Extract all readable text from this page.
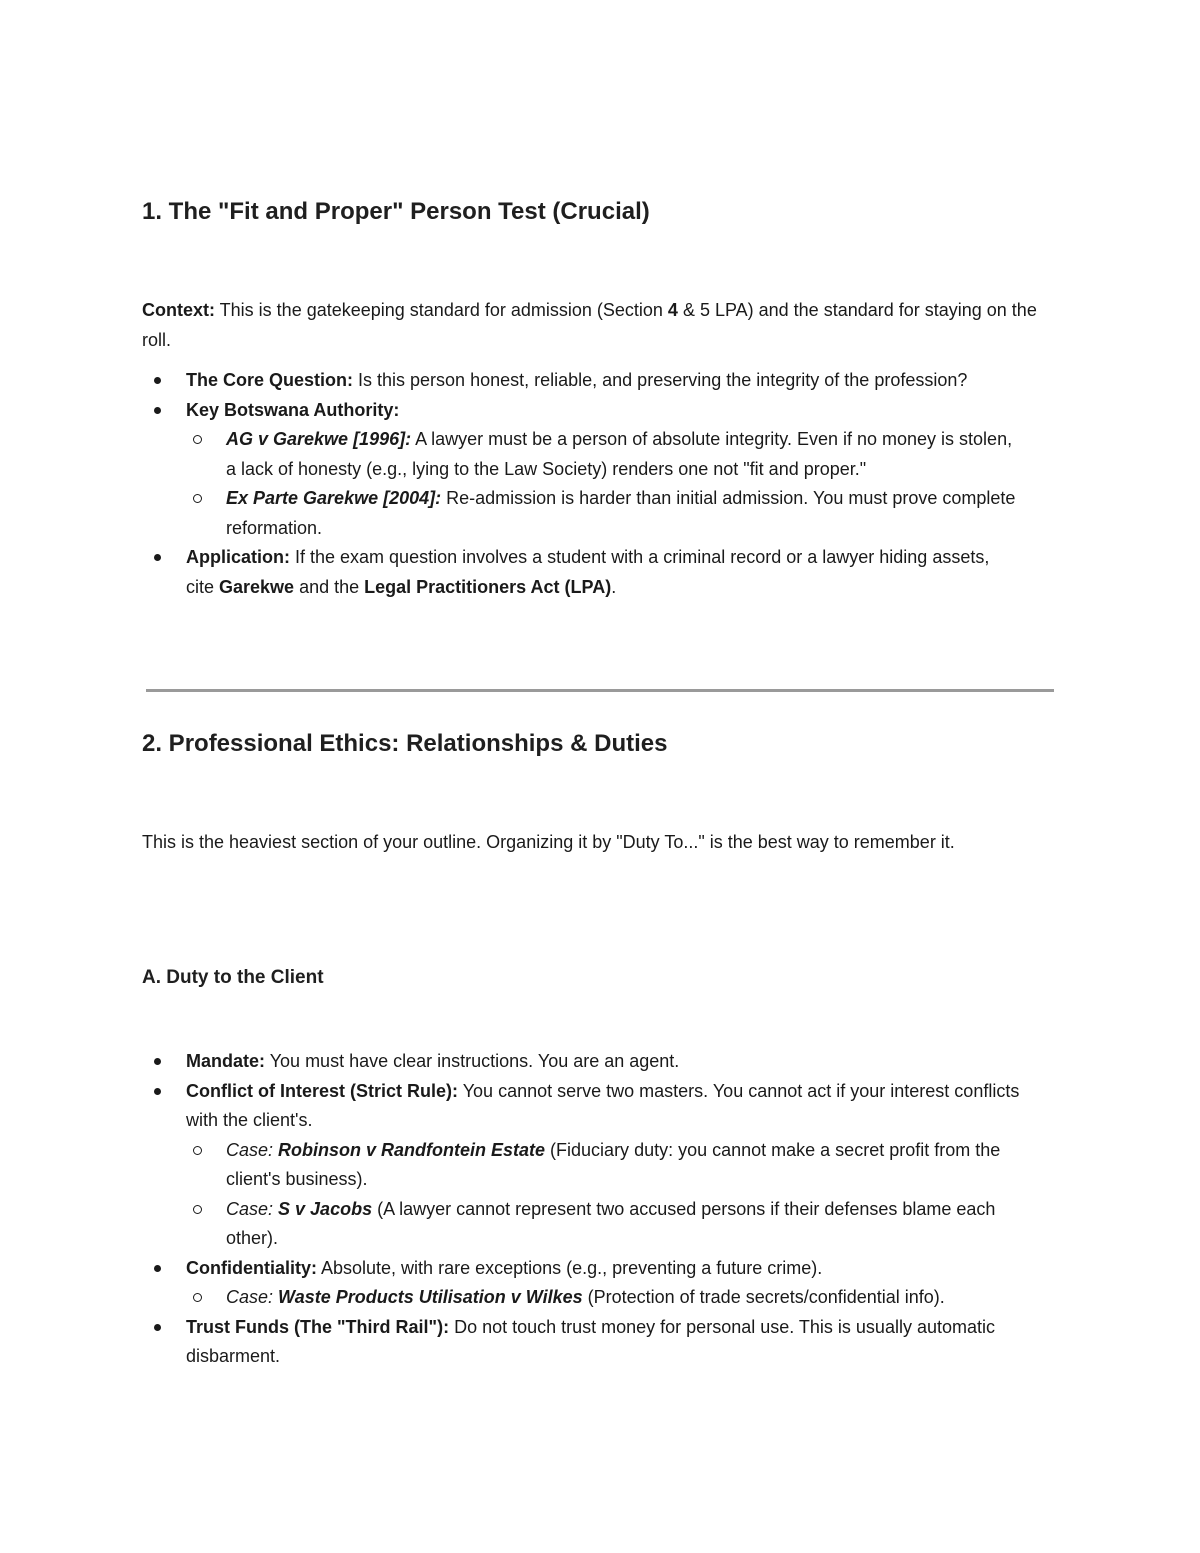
1. The "Fit and Proper" Person Test (Crucial)

Context: This is the gatekeeping standard for admission (Section 4 & 5 LPA) and the standard for staying on the roll.

The Core Question: Is this person honest, reliable, and preserving the integrity of the profession?
Key Botswana Authority:
AG v Garekwe [1996]: A lawyer must be a person of absolute integrity. Even if no money is stolen, a lack of honesty (e.g., lying to the Law Society) renders one not "fit and proper."
Ex Parte Garekwe [2004]: Re-admission is harder than initial admission. You must prove complete reformation.
Application: If the exam question involves a student with a criminal record or a lawyer hiding assets, cite Garekwe and the Legal Practitioners Act (LPA).
2. Professional Ethics: Relationships & Duties

This is the heaviest section of your outline. Organizing it by "Duty To..." is the best way to remember it.

A. Duty to the Client
Mandate: You must have clear instructions. You are an agent.
Conflict of Interest (Strict Rule): You cannot serve two masters. You cannot act if your interest conflicts with the client's.
Case: Robinson v Randfontein Estate (Fiduciary duty: you cannot make a secret profit from the client's business).
Case: S v Jacobs (A lawyer cannot represent two accused persons if their defenses blame each other).
Confidentiality: Absolute, with rare exceptions (e.g., preventing a future crime).
Case: Waste Products Utilisation v Wilkes (Protection of trade secrets/confidential info).
Trust Funds (The "Third Rail"): Do not touch trust money for personal use. This is usually automatic disbarment.
